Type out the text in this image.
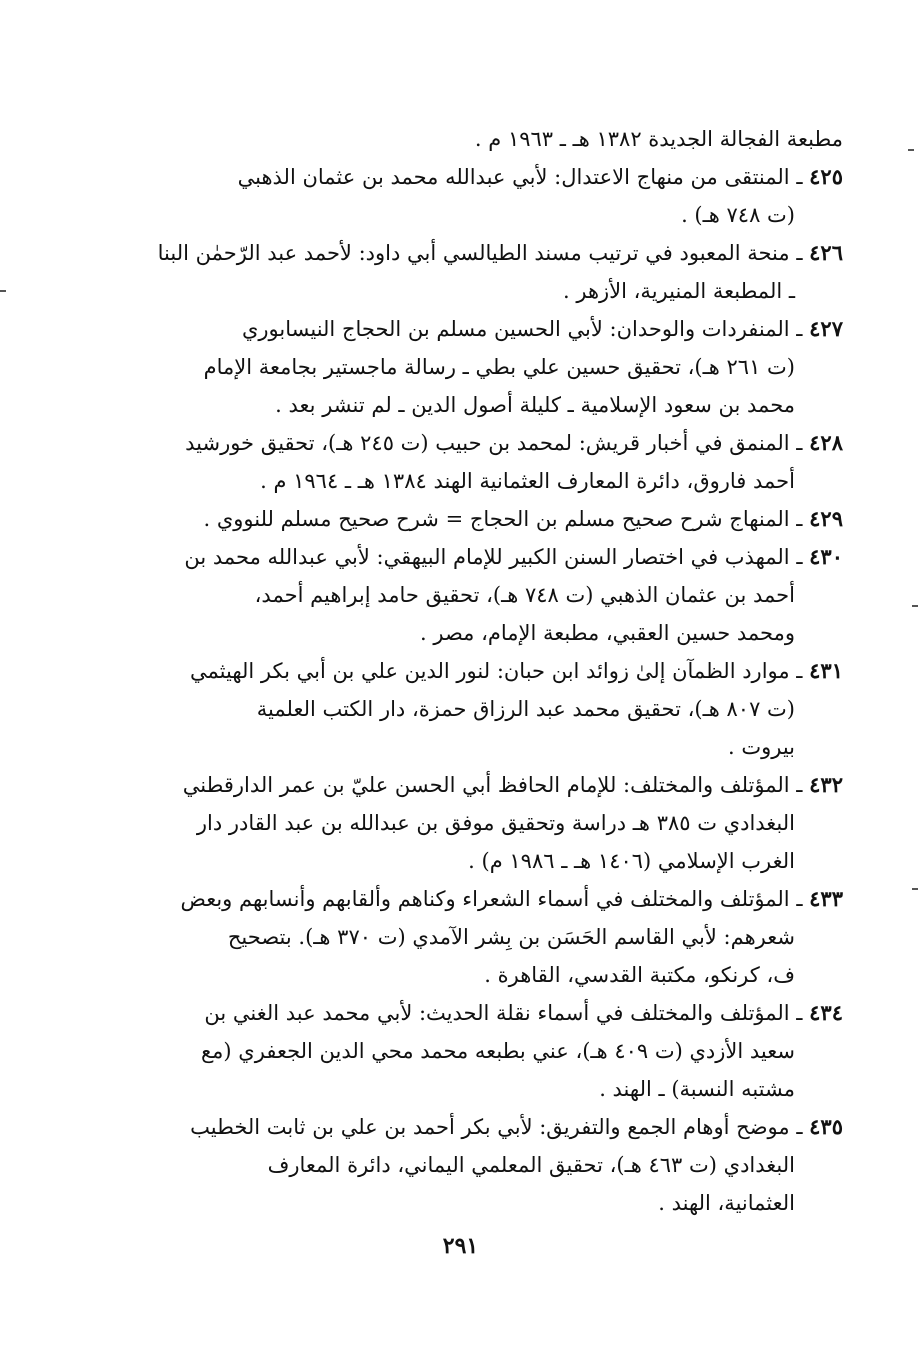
مطبعة الفجالة الجديدة ١٣٨٢ هـ ـ ١٩٦٣ م .

٤٢٥ ـ المنتقى من منهاج الاعتدال: لأبي عبدالله محمد بن عثمان الذهبي

(ت ٧٤٨ هـ) .

٤٢٦ ـ منحة المعبود في ترتيب مسند الطيالسي أبي داود: لأحمد عبد الرّحمٰن البنا

ـ المطبعة المنيرية، الأزهر .

٤٢٧ ـ المنفردات والوحدان: لأبي الحسين مسلم بن الحجاج النيسابوري

(ت ٢٦١ هـ)، تحقيق حسين علي بطي ـ رسالة ماجستير بجامعة الإمام

محمد بن سعود الإسلامية ـ كليلة أصول الدين ـ لم تنشر بعد .

٤٢٨ ـ المنمق في أخبار قريش: لمحمد بن حبيب (ت ٢٤٥ هـ)، تحقيق خورشيد

أحمد فاروق، دائرة المعارف العثمانية الهند ١٣٨٤ هـ ـ ١٩٦٤ م .

٤٢٩ ـ المنهاج شرح صحيح مسلم بن الحجاج = شرح صحيح مسلم للنووي .

٤٣٠ ـ المهذب في اختصار السنن الكبير للإمام البيهقي: لأبي عبدالله محمد بن

أحمد بن عثمان الذهبي (ت ٧٤٨ هـ)، تحقيق حامد إبراهيم أحمد،

ومحمد حسين العقبي، مطبعة الإمام، مصر .

٤٣١ ـ موارد الظمآن إلىٰ زوائد ابن حبان: لنور الدين علي بن أبي بكر الهيثمي

(ت ٨٠٧ هـ)، تحقيق محمد عبد الرزاق حمزة، دار الكتب العلمية

بيروت .

٤٣٢ ـ المؤتلف والمختلف: للإمام الحافظ أبي الحسن عليّ بن عمر الدارقطني

البغدادي ت ٣٨٥ هـ دراسة وتحقيق موفق بن عبدالله بن عبد القادر دار

الغرب الإسلامي (١٤٠٦ هـ ـ ١٩٨٦ م) .

٤٣٣ ـ المؤتلف والمختلف في أسماء الشعراء وكناهم وألقابهم وأنسابهم وبعض

شعرهم: لأبي القاسم الحَسَن بن بِشر الآمدي (ت ٣٧٠ هـ). بتصحيح

ف، كرنكو، مكتبة القدسي، القاهرة .

٤٣٤ ـ المؤتلف والمختلف في أسماء نقلة الحديث: لأبي محمد عبد الغني بن

سعيد الأزدي (ت ٤٠٩ هـ)، عني بطبعه محمد محي الدين الجعفري (مع

مشتبه النسبة) ـ الهند .

٤٣٥ ـ موضح أوهام الجمع والتفريق: لأبي بكر أحمد بن علي بن ثابت الخطيب

البغدادي (ت ٤٦٣ هـ)، تحقيق المعلمي اليماني، دائرة المعارف

العثمانية، الهند .

٢٩١
